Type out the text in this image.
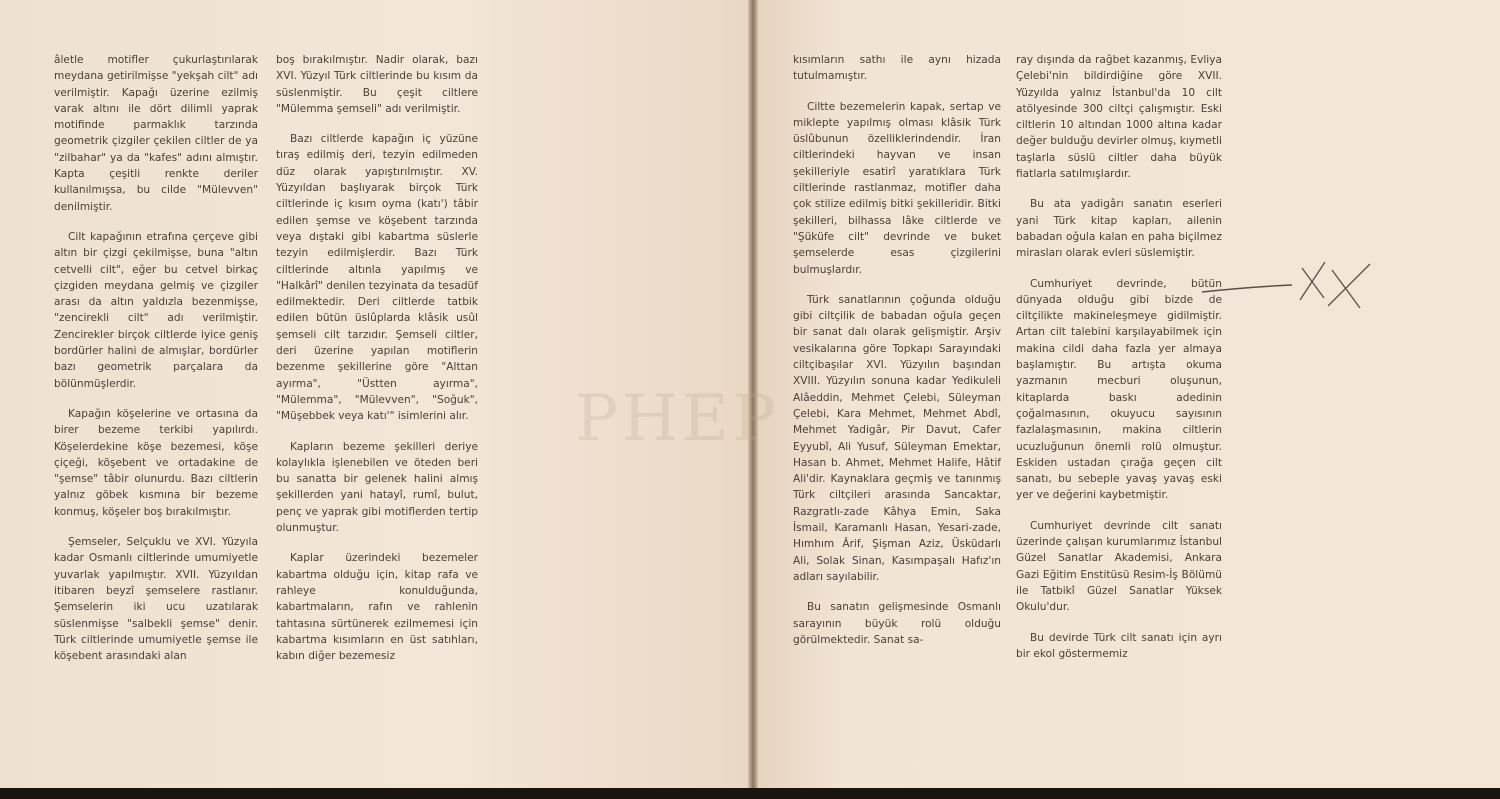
âletle motifler çukurlaştırılarak meydana getirilmişse "yekşah cilt" adı verilmiştir. Kapağı üzerine ezilmiş varak altını ile dört dilimli yaprak motifinde parmaklık tarzında geometrik çizgiler çekilen ciltler de ya "zilbahar" ya da "kafes" adını almıştır. Kapta çeşitli renkte deriler kullanılmışsa, bu cilde "Mülevven" denilmiştir.

Cilt kapağının etrafına çerçeve gibi altın bir çizgi çekilmişse, buna "altın cetvelli cilt", eğer bu cetvel birkaç çizgiden meydana gelmiş ve çizgiler arası da altın yaldızla bezenmişse, "zencirekli cilt" adı verilmiştir. Zencirekler birçok ciltlerde iyice geniş bordürler halini de almışlar, bordürler bazı geometrik parçalara da bölünmüşlerdir.

Kapağın köşelerine ve ortasına da birer bezeme terkibi yapılırdı. Köşelerdekine köşe bezemesi, köşe çiçeği, köşebent ve ortadakine de "şemse" tâbir olunurdu. Bazı ciltlerin yalnız göbek kısmına bir bezeme konmuş, köşeler boş bırakılmıştır.

Şemseler, Selçuklu ve XVI. Yüzyıla kadar Osmanlı ciltlerinde umumiyetle yuvarlak yapılmıştır. XVII. Yüzyıldan itibaren beyzî şemselere rastlanır. Şemselerin iki ucu uzatılarak süslenmişse "salbekli şemse" denir. Türk ciltlerinde umumiyetle şemse ile köşebent arasındaki alan

boş bırakılmıştır. Nadir olarak, bazı XVI. Yüzyıl Türk ciltlerinde bu kısım da süslenmiştir. Bu çeşit ciltlere "Mülemma şemseli" adı verilmiştir.

Bazı ciltlerde kapağın iç yüzüne tıraş edilmiş deri, tezyin edilmeden düz olarak yapıştırılmıştır. XV. Yüzyıldan başlıyarak birçok Türk ciltlerinde iç kısım oyma (katı') tâbir edilen şemse ve köşebent tarzında veya dıştaki gibi kabartma süslerle tezyin edilmişlerdir. Bazı Türk ciltlerinde altınla yapılmış ve "Halkârî" denilen tezyinata da tesadüf edilmektedir. Deri ciltlerde tatbik edilen bütün üslûplarda klâsik usûl şemseli cilt tarzıdır. Şemseli ciltler, deri üzerine yapılan motiflerin bezenme şekillerine göre "Alttan ayırma", "Üstten ayırma", "Mülemma", "Mülevven", "Soğuk", "Müşebbek veya katı'" isimlerini alır.

Kapların bezeme şekilleri deriye kolaylıkla işlenebilen ve öteden beri bu sanatta bir gelenek halini almış şekillerden yani hatayî, rumî, bulut, penç ve yaprak gibi motiflerden tertip olunmuştur.

Kaplar üzerindeki bezemeler kabartma olduğu için, kitap rafa ve rahleye konulduğunda, kabartmaların, rafın ve rahlenin tahtasına sürtünerek ezilmemesi için kabartma kısımların en üst satıhları, kabın diğer bezemesiz

kısımların sathı ile aynı hizada tutulmamıştır.

Ciltte bezemelerin kapak, sertap ve miklepte yapılmış olması klâsik Türk üslûbunun özelliklerindendir. İran ciltlerindeki hayvan ve insan şekilleriyle esatirî yaratıklara Türk ciltlerinde rastlanmaz, motifler daha çok stilize edilmiş bitki şekilleridir. Bitki şekilleri, bilhassa lâke ciltlerde ve "Şüküfe cilt" devrinde ve buket şemselerde esas çizgilerini bulmuşlardır.

Türk sanatlarının çoğunda olduğu gibi ciltçilik de babadan oğula geçen bir sanat dalı olarak gelişmiştir. Arşiv vesikalarına göre Topkapı Sarayındaki ciltçibaşılar XVI. Yüzyılın başından XVIII. Yüzyılın sonuna kadar Yedikuleli Alâeddin, Mehmet Çelebi, Süleyman Çelebi, Kara Mehmet, Mehmet Abdî, Mehmet Yadigâr, Pir Davut, Cafer Eyyubî, Ali Yusuf, Süleyman Emektar, Hasan b. Ahmet, Mehmet Halife, Hâtif Ali'dir. Kaynaklara geçmiş ve tanınmış Türk ciltçileri arasında Sancaktar, Razgratlı-zade Kâhya Emin, Saka İsmail, Karamanlı Hasan, Yesari-zade, Hımhım Ârif, Şişman Aziz, Üsküdarlı Ali, Solak Sinan, Kasımpaşalı Hafız'ın adları sayılabilir.

Bu sanatın gelişmesinde Osmanlı sarayının büyük rolü olduğu görülmektedir. Sanat sa-

ray dışında da rağbet kazanmış, Evliya Çelebi'nin bildirdiğine göre XVII. Yüzyılda yalnız İstanbul'da 10 cilt atölyesinde 300 ciltçi çalışmıştır. Eski ciltlerin 10 altından 1000 altına kadar değer bulduğu devirler olmuş, kıymetli taşlarla süslü ciltler daha büyük fiatlarla satılmışlardır.

Bu ata yadigârı sanatın eserleri yani Türk kitap kapları, ailenin babadan oğula kalan en paha biçilmez mirasları olarak evleri süslemiştir.

Cumhuriyet devrinde, bütün dünyada olduğu gibi bizde de ciltçilikte makineleşmeye gidilmiştir. Artan cilt talebini karşılayabilmek için makina cildi daha fazla yer almaya başlamıştır. Bu artışta okuma yazmanın mecburi oluşunun, kitaplarda baskı adedinin çoğalmasının, okuyucu sayısının fazlalaşmasının, makina ciltlerin ucuzluğunun önemli rolü olmuştur. Eskiden ustadan çırağa geçen cilt sanatı, bu sebeple yavaş yavaş eski yer ve değerini kaybetmiştir.

Cumhuriyet devrinde cilt sanatı üzerinde çalışan kurumlarımız İstanbul Güzel Sanatlar Akademisi, Ankara Gazi Eğitim Enstitüsü Resim-İş Bölümü ile Tatbikî Güzel Sanatlar Yüksek Okulu'dur.

Bu devirde Türk cilt sanatı için ayrı bir ekol göstermemiz

PHEP
